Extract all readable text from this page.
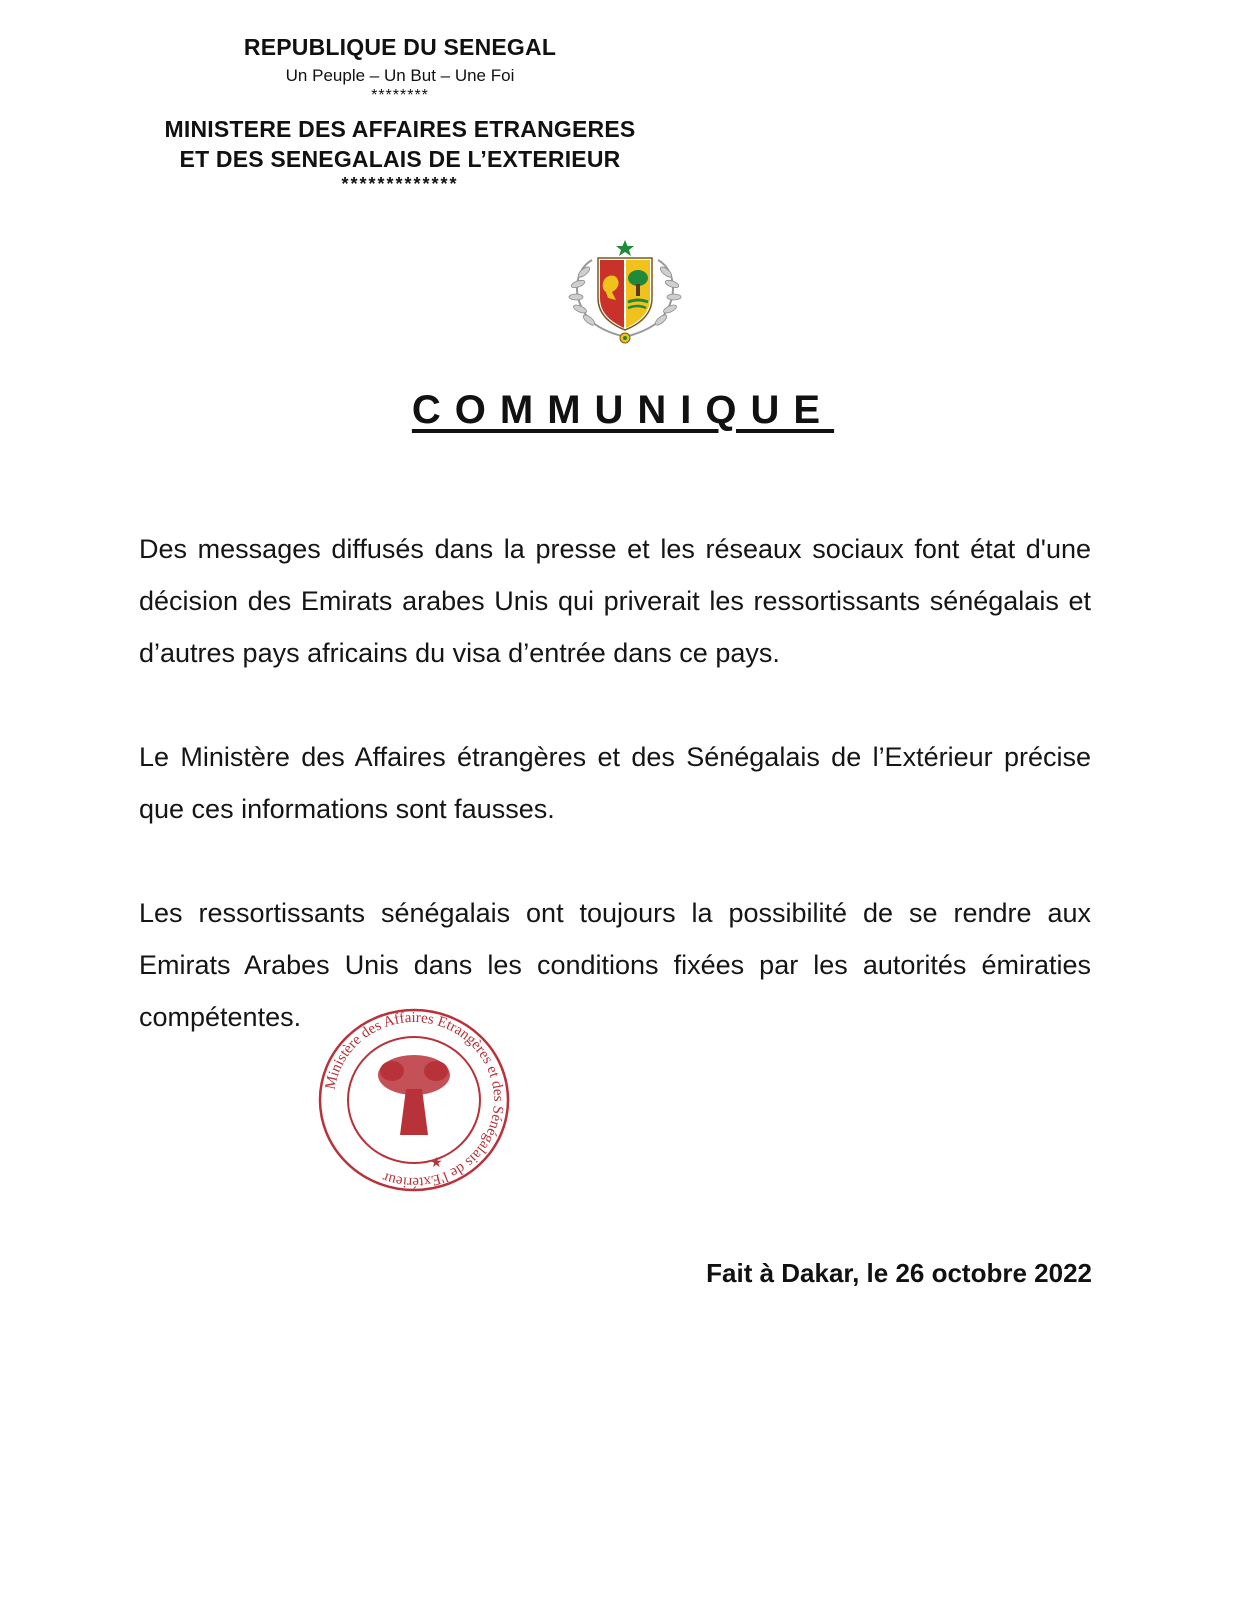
REPUBLIQUE DU SENEGAL
Un Peuple – Un But – Une Foi
********
MINISTERE DES AFFAIRES ETRANGERES
ET DES SENEGALAIS DE L’EXTERIEUR
*************
COMMUNIQUE

Des messages diffusés dans la presse et les réseaux sociaux font état d'une décision des Emirats arabes Unis qui priverait les ressortissants sénégalais et d’autres pays africains du visa d’entrée dans ce pays.

Le Ministère des Affaires étrangères et des Sénégalais de l’Extérieur précise que ces informations sont fausses.

Les ressortissants sénégalais ont toujours la possibilité de se rendre aux Emirats Arabes Unis dans les conditions fixées par les autorités émiraties compétentes.

Ministère des Affaires Etrangères et des Sénégalais de l'Extérieur
★
Fait à Dakar, le 26 octobre 2022
